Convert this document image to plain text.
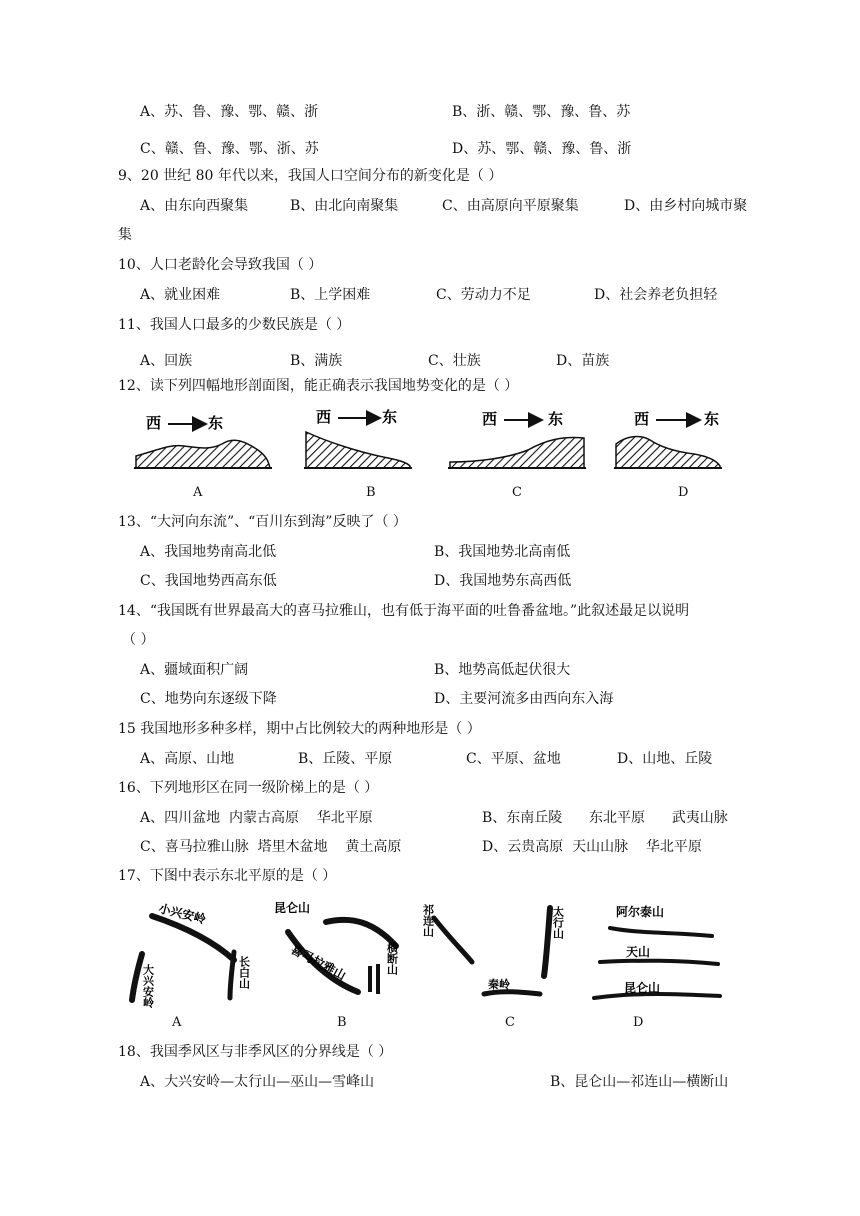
A、苏、鲁、豫、鄂、赣、浙	B、浙、赣、鄂、豫、鲁、苏
C、赣、鲁、豫、鄂、浙、苏	D、苏、鄂、赣、豫、鲁、浙
9、20 世纪 80 年代以来，我国人口空间分布的新变化是（ ）
A、由东向西聚集	B、由北向南聚集	C、由高原向平原聚集	D、由乡村向城市聚
集
10、人口老龄化会导致我国（ ）
A、就业困难	B、上学困难	C、劳动力不足	D、社会养老负担轻
11、我国人口最多的少数民族是（ ）
A、回族	B、满族	C、壮族	D、苗族
12、读下列四幅地形剖面图，能正确表示我国地势变化的是（ ）
西	东	西	东	西	东	西	东
A	B	C	D
13、“大河向东流”、“百川东到海”反映了（ ）
A、我国地势南高北低	B、我国地势北高南低
C、我国地势西高东低	D、我国地势东高西低
14、“我国既有世界最高大的喜马拉雅山，也有低于海平面的吐鲁番盆地。”此叙述最足以说明
（ ）
A、疆域面积广阔	B、地势高低起伏很大
C、地势向东逐级下降	D、主要河流多由西向东入海
15 我国地形多种多样，期中占比例较大的两种地形是（ ）
A、高原、山地	B、丘陵、平原	C、平原、盆地	D、山地、丘陵
16、下列地形区在同一级阶梯上的是（ ）
A、四川盆地  内蒙古高原    华北平原	B、东南丘陵      东北平原      武夷山脉
C、喜马拉雅山脉  塔里木盆地    黄土高原	D、云贵高原  天山山脉    华北平原
17、下图中表示东北平原的是（ ）
小兴安岭
大兴安岭	长白山
昆仑山
喜马拉雅山	横断山
祁连山	太行山
秦岭
阿尔泰山
天山
昆仑山
A	B	C	D
18、我国季风区与非季风区的分界线是（ ）
A、大兴安岭—太行山—巫山—雪峰山	B、昆仑山—祁连山—横断山
